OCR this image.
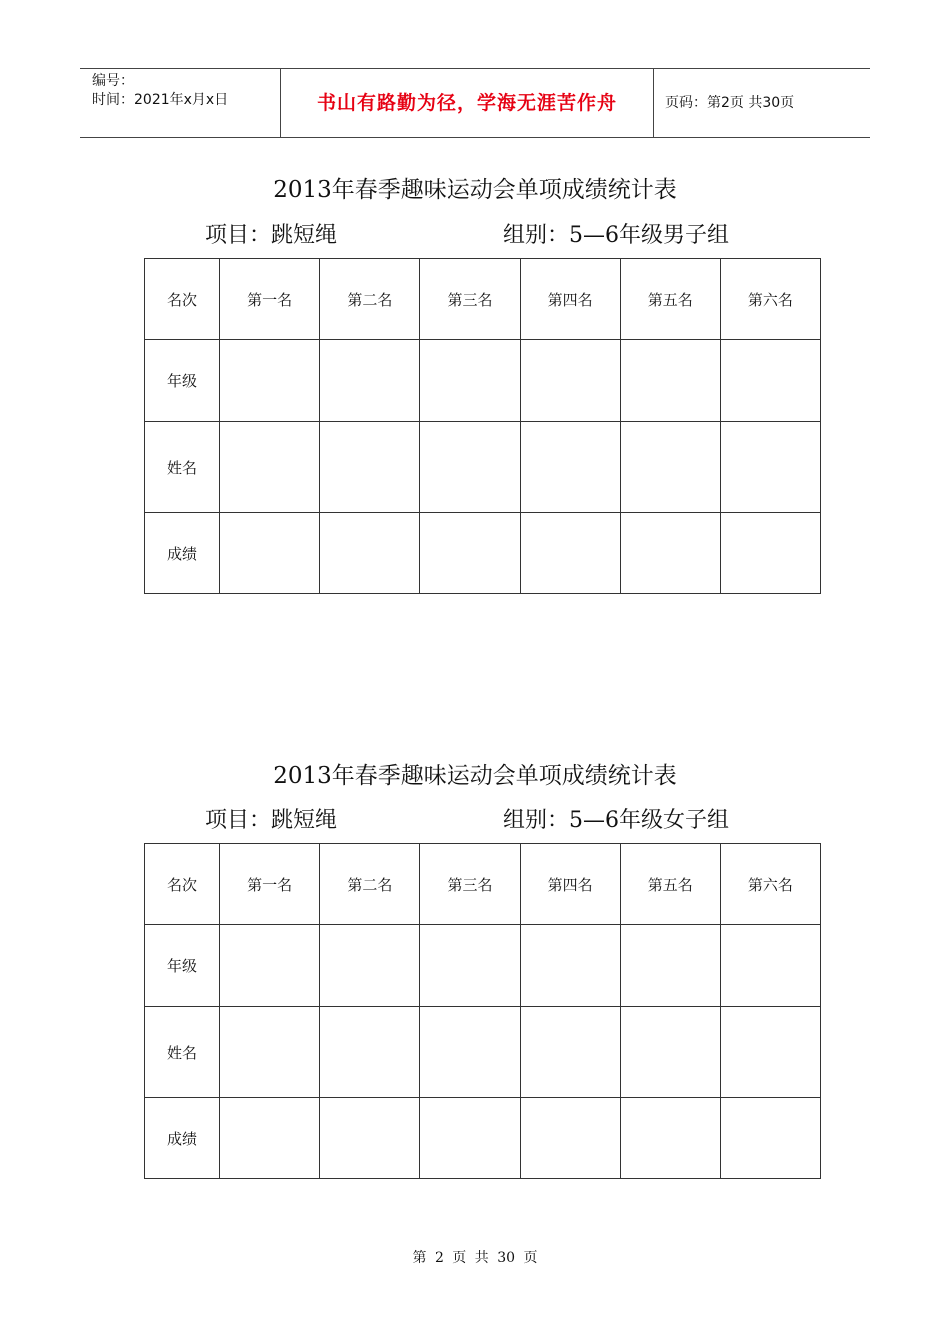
编号：
时间：2021年x月x日	书山有路勤为径，学海无涯苦作舟	页码：第2页 共30页
2013年春季趣味运动会单项成绩统计表
项目：跳短绳	组别：5—6年级男子组
名次	第一名	第二名	第三名	第四名	第五名	第六名
年级						
姓名						
成绩						
2013年春季趣味运动会单项成绩统计表
项目：跳短绳	组别：5—6年级女子组
名次	第一名	第二名	第三名	第四名	第五名	第六名
年级						
姓名						
成绩						
第 2 页 共 30 页
